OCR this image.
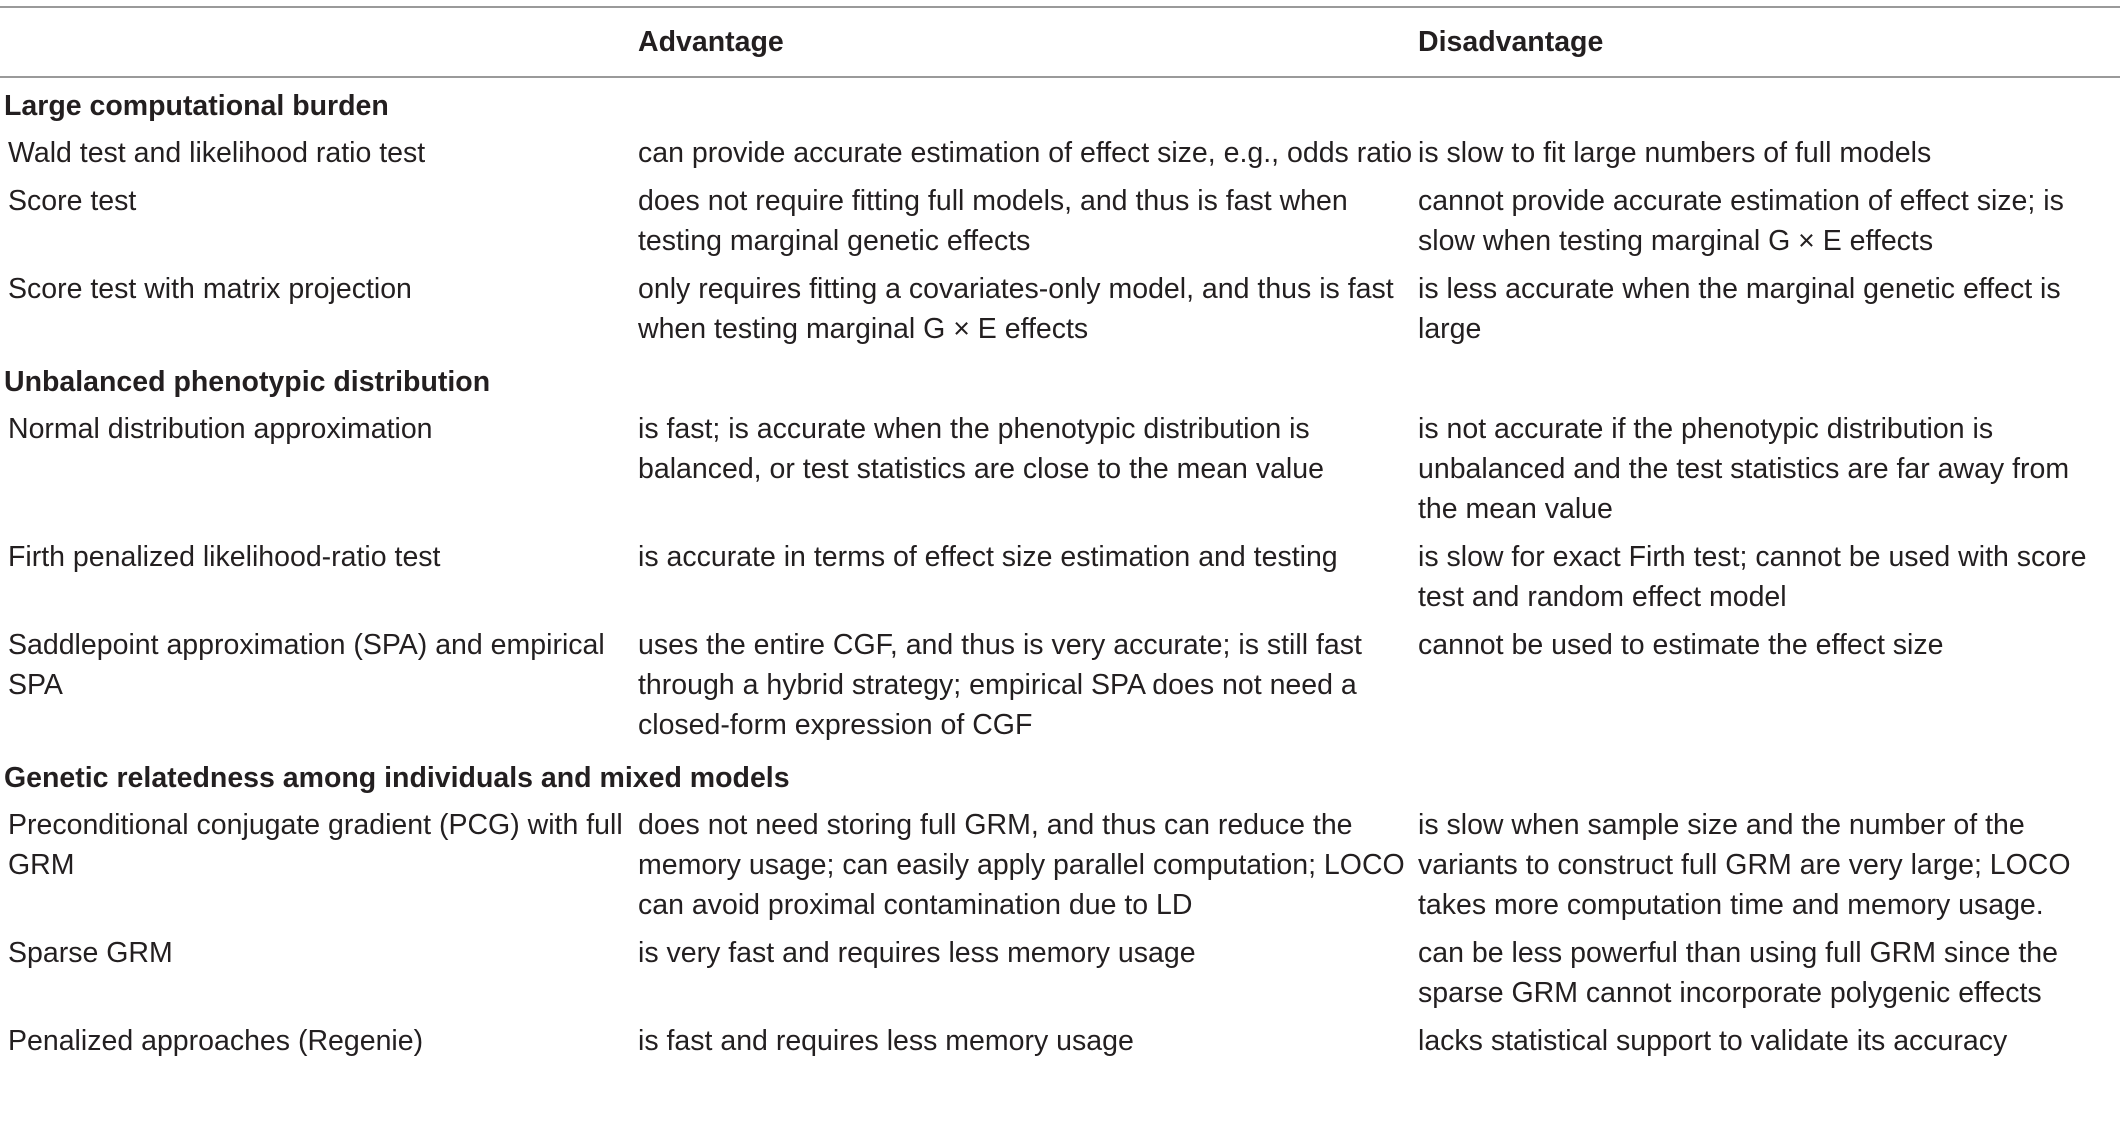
	Advantage	Disadvantage
Large computational burden		
Wald test and likelihood ratio test	can provide accurate estimation of effect size, e.g., odds ratio	is slow to fit large numbers of full models
Score test	does not require fitting full models, and thus is fast when testing marginal genetic effects	cannot provide accurate estimation of effect size; is slow when testing marginal G × E effects
Score test with matrix projection	only requires fitting a covariates-only model, and thus is fast when testing marginal G × E effects	is less accurate when the marginal genetic effect is large
Unbalanced phenotypic distribution		
Normal distribution approximation	is fast; is accurate when the phenotypic distribution is balanced, or test statistics are close to the mean value	is not accurate if the phenotypic distribution is unbalanced and the test statistics are far away from the mean value
Firth penalized likelihood-ratio test	is accurate in terms of effect size estimation and testing	is slow for exact Firth test; cannot be used with score test and random effect model
Saddlepoint approximation (SPA) and empirical SPA	uses the entire CGF, and thus is very accurate; is still fast through a hybrid strategy; empirical SPA does not need a closed-form expression of CGF	cannot be used to estimate the effect size
Genetic relatedness among individuals and mixed models		
Preconditional conjugate gradient (PCG) with full GRM	does not need storing full GRM, and thus can reduce the memory usage; can easily apply parallel computation; LOCO can avoid proximal contamination due to LD	is slow when sample size and the number of the variants to construct full GRM are very large; LOCO takes more computation time and memory usage.
Sparse GRM	is very fast and requires less memory usage	can be less powerful than using full GRM since the sparse GRM cannot incorporate polygenic effects
Penalized approaches (Regenie)	is fast and requires less memory usage	lacks statistical support to validate its accuracy
